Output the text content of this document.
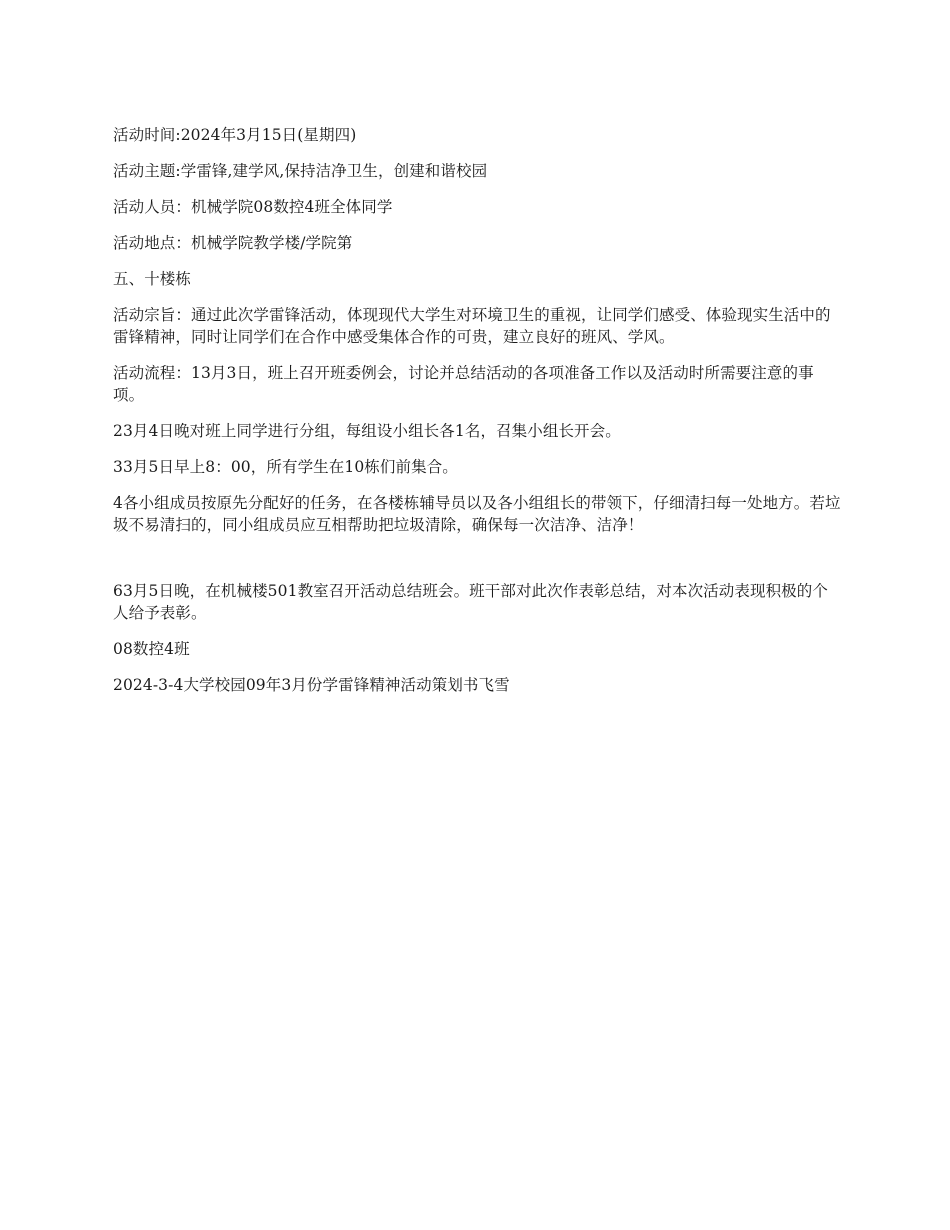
活动时间:2024年3月15日(星期四)

活动主题:学雷锋,建学风,保持洁净卫生，创建和谐校园

活动人员：机械学院08数控4班全体同学

活动地点：机械学院教学楼/学院第

五、十楼栋

活动宗旨：通过此次学雷锋活动，体现现代大学生对环境卫生的重视，让同学们感受、体验现实生活中的雷锋精神，同时让同学们在合作中感受集体合作的可贵，建立良好的班风、学风。

活动流程：13月3日，班上召开班委例会，讨论并总结活动的各项准备工作以及活动时所需要注意的事项。

23月4日晚对班上同学进行分组，每组设小组长各1名，召集小组长开会。

33月5日早上8：00，所有学生在10栋们前集合。

4各小组成员按原先分配好的任务，在各楼栋辅导员以及各小组组长的带领下，仔细清扫每一处地方。若垃圾不易清扫的，同小组成员应互相帮助把垃圾清除，确保每一次洁净、洁净！

63月5日晚，在机械楼501教室召开活动总结班会。班干部对此次作表彰总结，对本次活动表现积极的个人给予表彰。

08数控4班

2024-3-4大学校园09年3月份学雷锋精神活动策划书飞雪
